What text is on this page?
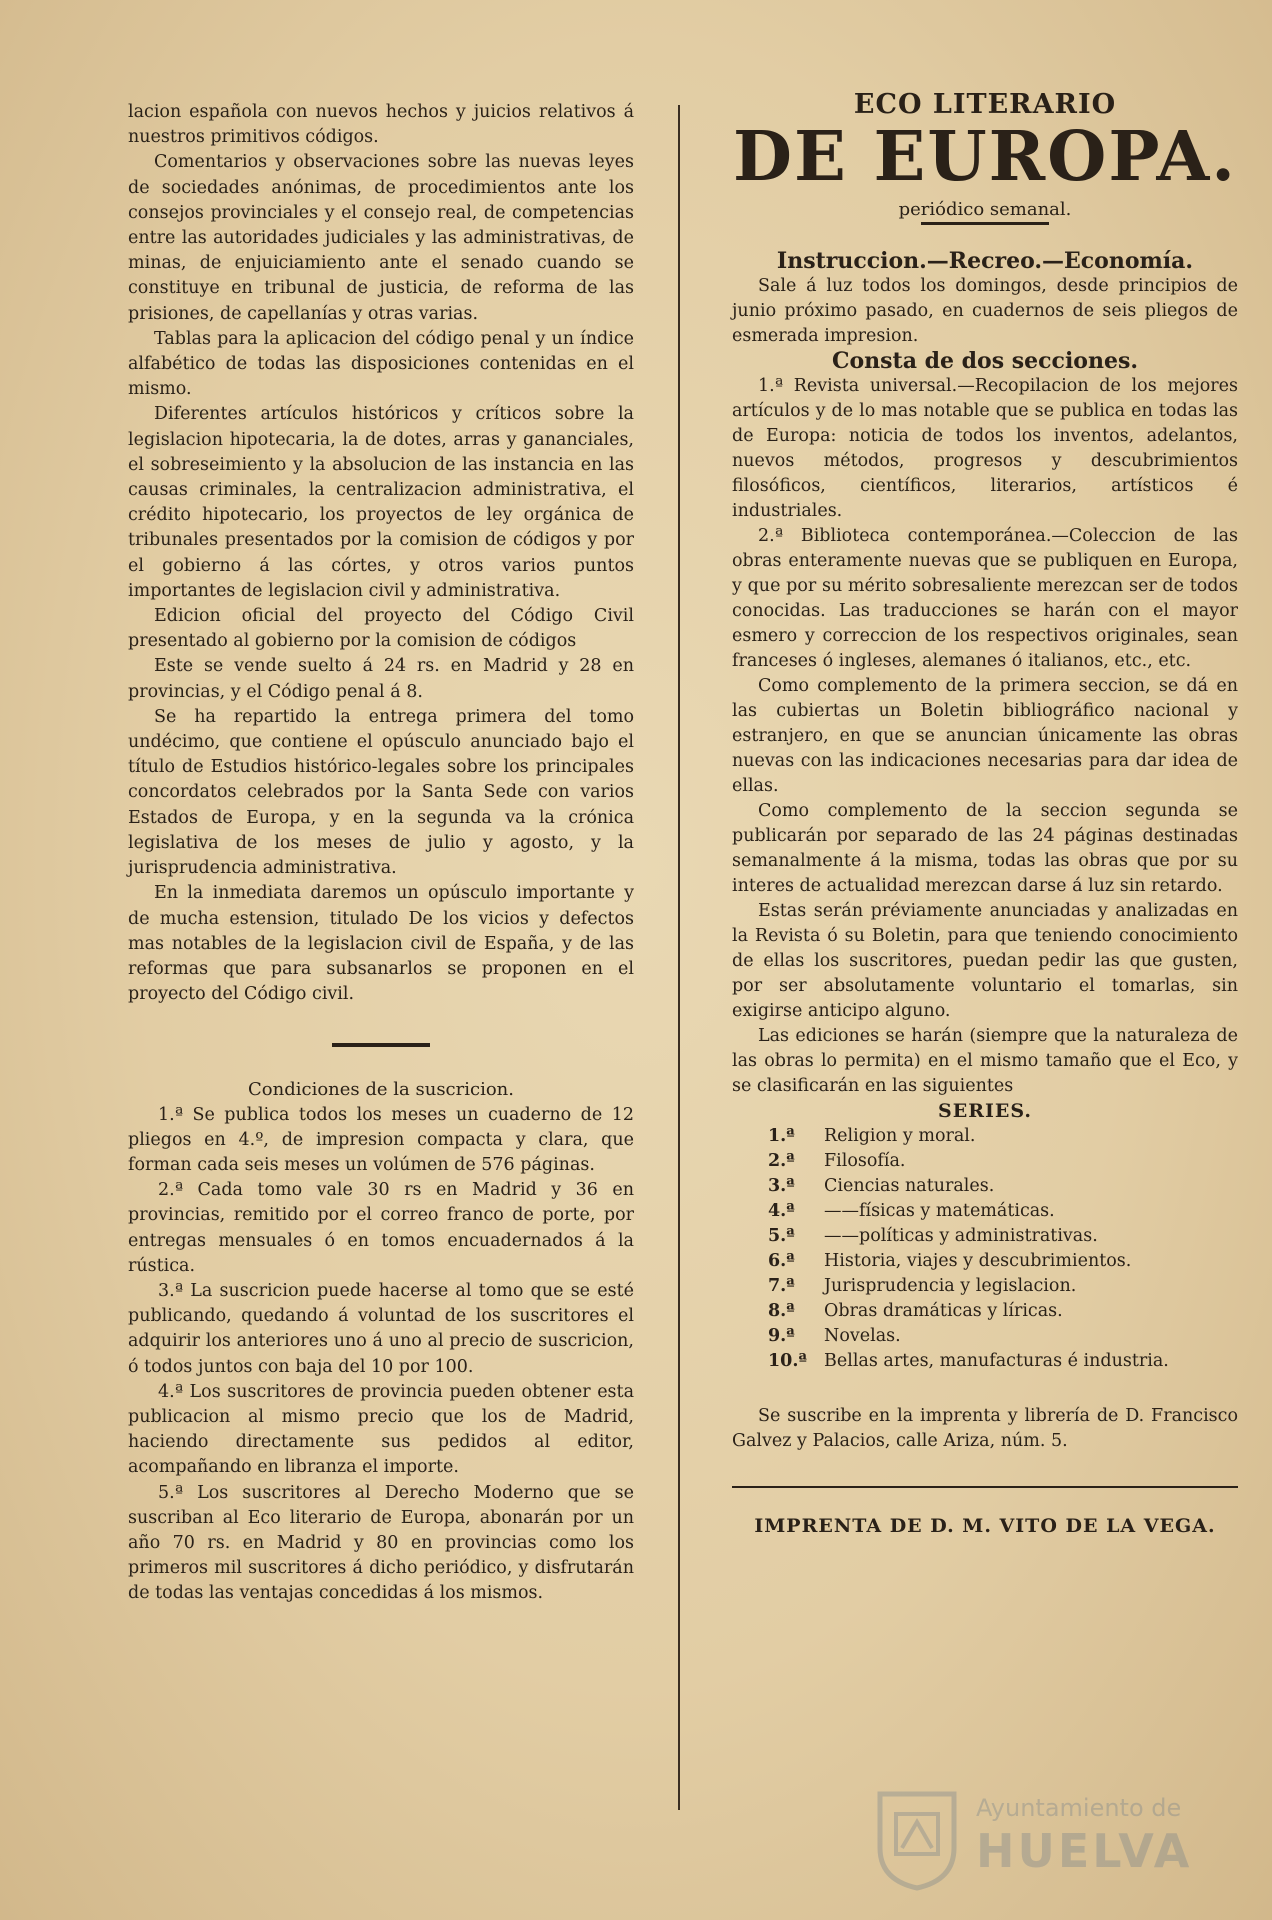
lacion española con nuevos hechos y juicios relativos á nuestros primitivos códigos.

Comentarios y observaciones sobre las nuevas leyes de sociedades anónimas, de procedimientos ante los consejos provinciales y el consejo real, de competencias entre las autoridades judiciales y las administrativas, de minas, de enjuiciamiento ante el senado cuando se constituye en tribunal de justicia, de reforma de las prisiones, de capellanías y otras varias.

Tablas para la aplicacion del código penal y un índice alfabético de todas las disposiciones contenidas en el mismo.

Diferentes artículos históricos y críticos sobre la legislacion hipotecaria, la de dotes, arras y gananciales, el sobreseimiento y la absolucion de las instancia en las causas criminales, la centralizacion administrativa, el crédito hipotecario, los proyectos de ley orgánica de tribunales presentados por la comision de códigos y por el gobierno á las córtes, y otros varios puntos importantes de legislacion civil y administrativa.

Edicion oficial del proyecto del Código Civil presentado al gobierno por la comision de códigos

Este se vende suelto á 24 rs. en Madrid y 28 en provincias, y el Código penal á 8.

Se ha repartido la entrega primera del tomo undécimo, que contiene el opúsculo anunciado bajo el título de Estudios histórico-legales sobre los principales concordatos celebrados por la Santa Sede con varios Estados de Europa, y en la segunda va la crónica legislativa de los meses de julio y agosto, y la jurisprudencia administrativa.

En la inmediata daremos un opúsculo importante y de mucha estension, titulado De los vicios y defectos mas notables de la legislacion civil de España, y de las reformas que para subsanarlos se proponen en el proyecto del Código civil.

Condiciones de la suscricion.

1.ª Se publica todos los meses un cuaderno de 12 pliegos en 4.º, de impresion compacta y clara, que forman cada seis meses un volúmen de 576 páginas.

2.ª Cada tomo vale 30 rs en Madrid y 36 en provincias, remitido por el correo franco de porte, por entregas mensuales ó en tomos encuadernados á la rústica.

3.ª La suscricion puede hacerse al tomo que se esté publicando, quedando á voluntad de los suscritores el adquirir los anteriores uno á uno al precio de suscricion, ó todos juntos con baja del 10 por 100.

4.ª Los suscritores de provincia pueden obtener esta publicacion al mismo precio que los de Madrid, haciendo directamente sus pedidos al editor, acompañando en libranza el importe.

5.ª Los suscritores al Derecho Moderno que se suscriban al Eco literario de Europa, abonarán por un año 70 rs. en Madrid y 80 en provincias como los primeros mil suscritores á dicho periódico, y disfrutarán de todas las ventajas concedidas á los mismos.

ECO LITERARIO

DE EUROPA.

periódico semanal.

Instruccion.—Recreo.—Economía.

Sale á luz todos los domingos, desde principios de junio próximo pasado, en cuadernos de seis pliegos de esmerada impresion.

Consta de dos secciones.

1.ª Revista universal.—Recopilacion de los mejores artículos y de lo mas notable que se publica en todas las de Europa: noticia de todos los inventos, adelantos, nuevos métodos, progresos y descubrimientos filosóficos, científicos, literarios, artísticos é industriales.

2.ª Biblioteca contemporánea.—Coleccion de las obras enteramente nuevas que se publiquen en Europa, y que por su mérito sobresaliente merezcan ser de todos conocidas. Las traducciones se harán con el mayor esmero y correccion de los respectivos originales, sean franceses ó ingleses, alemanes ó italianos, etc., etc.

Como complemento de la primera seccion, se dá en las cubiertas un Boletin bibliográfico nacional y estranjero, en que se anuncian únicamente las obras nuevas con las indicaciones necesarias para dar idea de ellas.

Como complemento de la seccion segunda se publicarán por separado de las 24 páginas destinadas semanalmente á la misma, todas las obras que por su interes de actualidad merezcan darse á luz sin retardo.

Estas serán préviamente anunciadas y analizadas en la Revista ó su Boletin, para que teniendo conocimiento de ellas los suscritores, puedan pedir las que gusten, por ser absolutamente voluntario el tomarlas, sin exigirse anticipo alguno.

Las ediciones se harán (siempre que la naturaleza de las obras lo permita) en el mismo tamaño que el Eco, y se clasificarán en las siguientes

SERIES.

1.ª	Religion y moral.
2.ª	Filosofía.
3.ª	Ciencias naturales.
4.ª	——físicas y matemáticas.
5.ª	——políticas y administrativas.
6.ª	Historia, viajes y descubrimientos.
7.ª	Jurisprudencia y legislacion.
8.ª	Obras dramáticas y líricas.
9.ª	Novelas.
10.ª Bellas artes, manufacturas é industria.

Se suscribe en la imprenta y librería de D. Francisco Galvez y Palacios, calle Ariza, núm. 5.

IMPRENTA DE D. M. VITO DE LA VEGA.

Ayuntamiento de
HUELVA
